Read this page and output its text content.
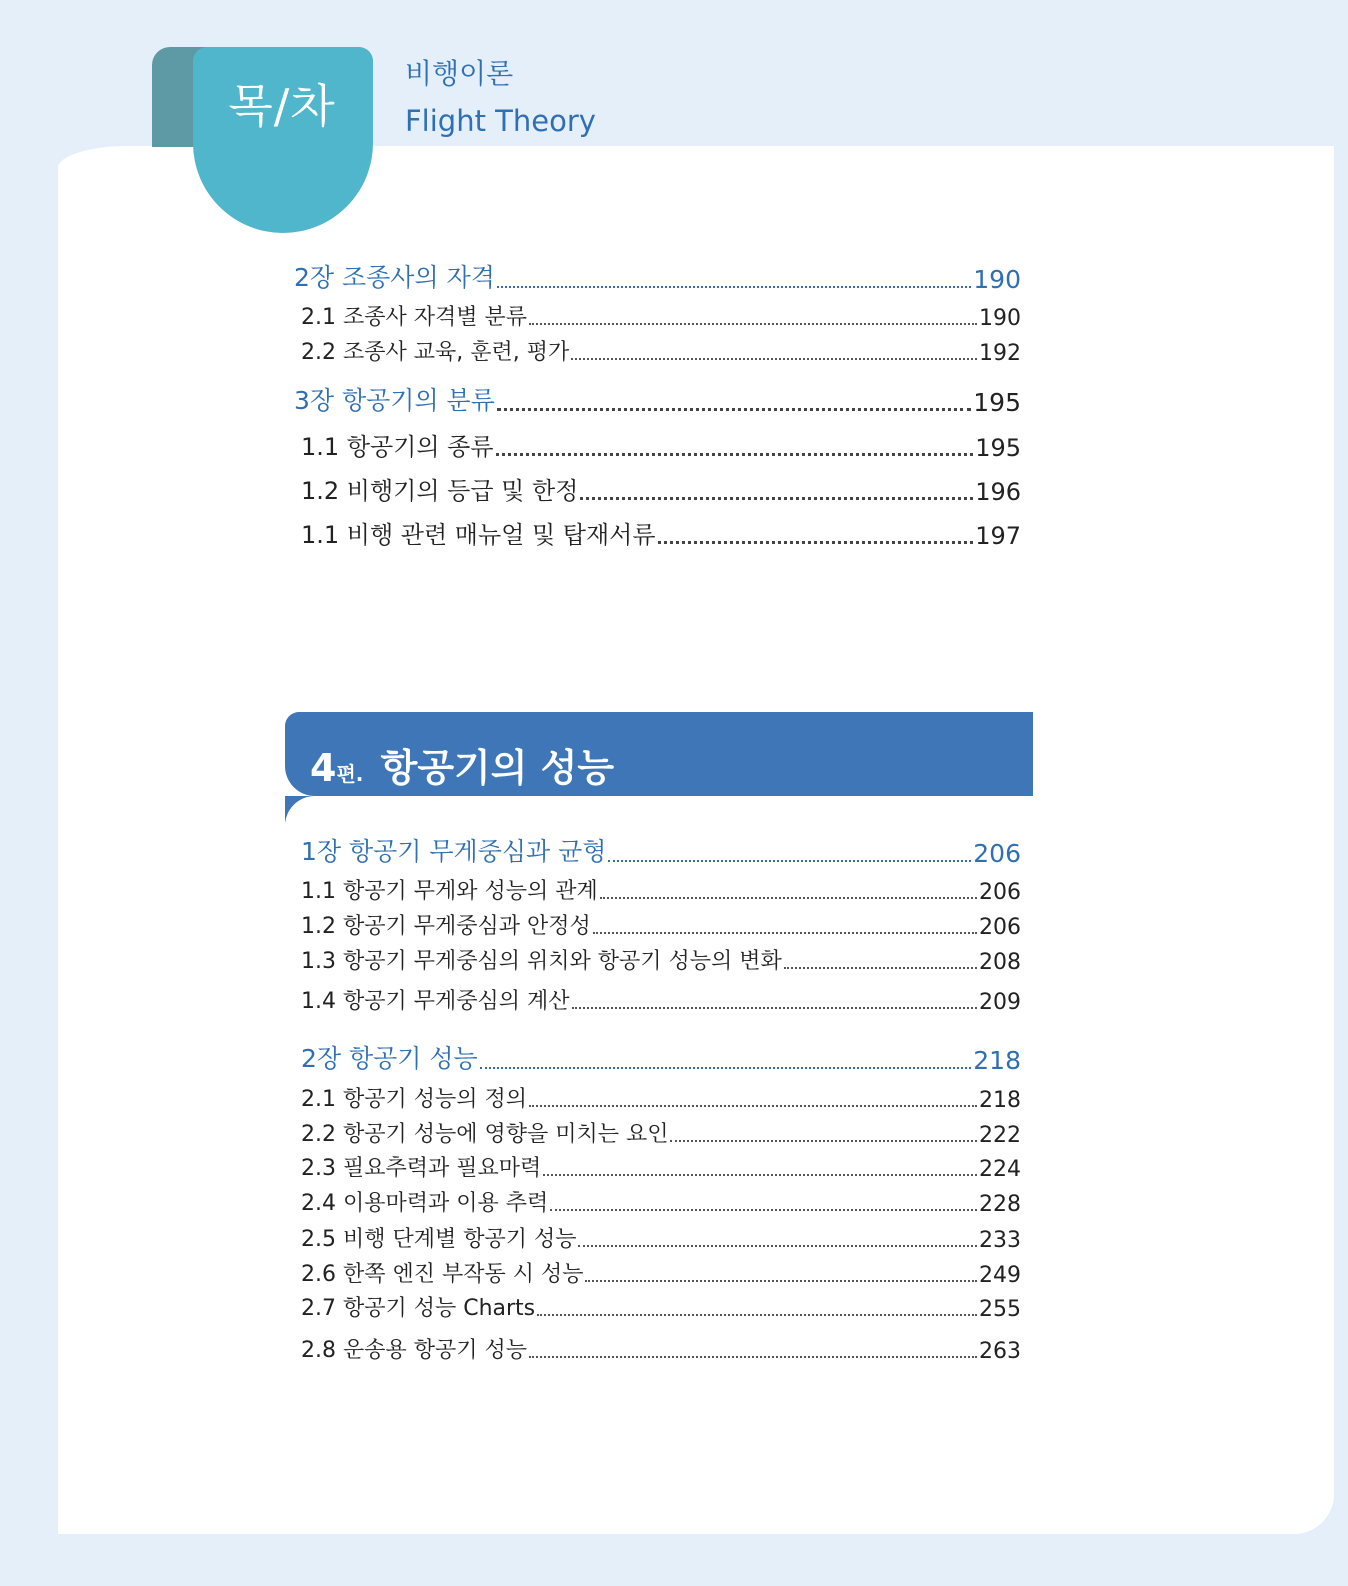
목/차
비행이론
Flight Theory
2장 조종사의 자격	190
2.1 조종사 자격별 분류	190
2.2 조종사 교육, 훈련, 평가	192
3장 항공기의 분류	195
1.1 항공기의 종류	195
1.2 비행기의 등급 및 한정	196
1.1 비행 관련 매뉴얼 및 탑재서류	197
4편. 항공기의 성능
1장 항공기 무게중심과 균형	206
1.1 항공기 무게와 성능의 관계	206
1.2 항공기 무게중심과 안정성	206
1.3 항공기 무게중심의 위치와 항공기 성능의 변화	208
1.4 항공기 무게중심의 계산	209
2장 항공기 성능	218
2.1 항공기 성능의 정의	218
2.2 항공기 성능에 영향을 미치는 요인	222
2.3 필요추력과 필요마력	224
2.4 이용마력과 이용 추력	228
2.5 비행 단계별 항공기 성능	233
2.6 한쪽 엔진 부작동 시 성능	249
2.7 항공기 성능 Charts	255
2.8 운송용 항공기 성능	263
